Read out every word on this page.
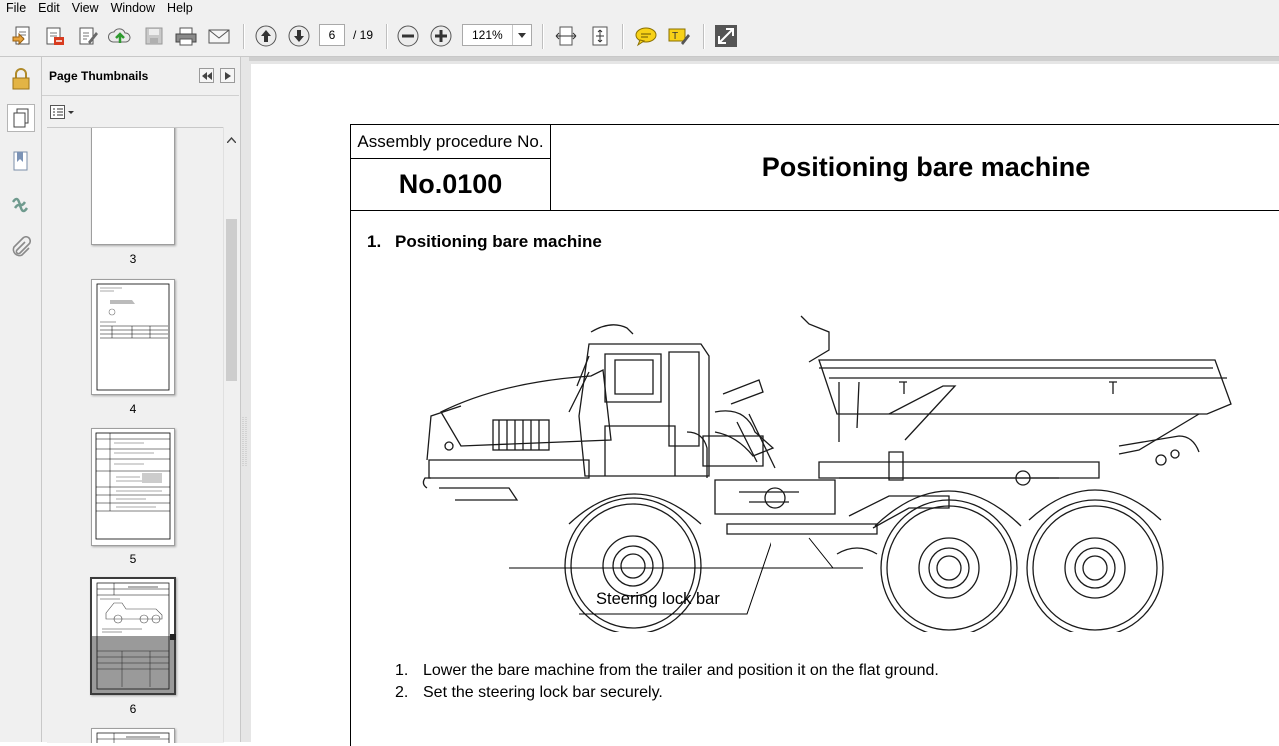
File Edit View Window Help
6	/ 19	121%	T
Page Thumbnails
3
4
5
6
Assembly procedure No.
No.0100
Positioning bare machine
1. Positioning bare machine
Steering lock bar
1. Lower the bare machine from the trailer and position it on the flat ground.
2. Set the steering lock bar securely.
